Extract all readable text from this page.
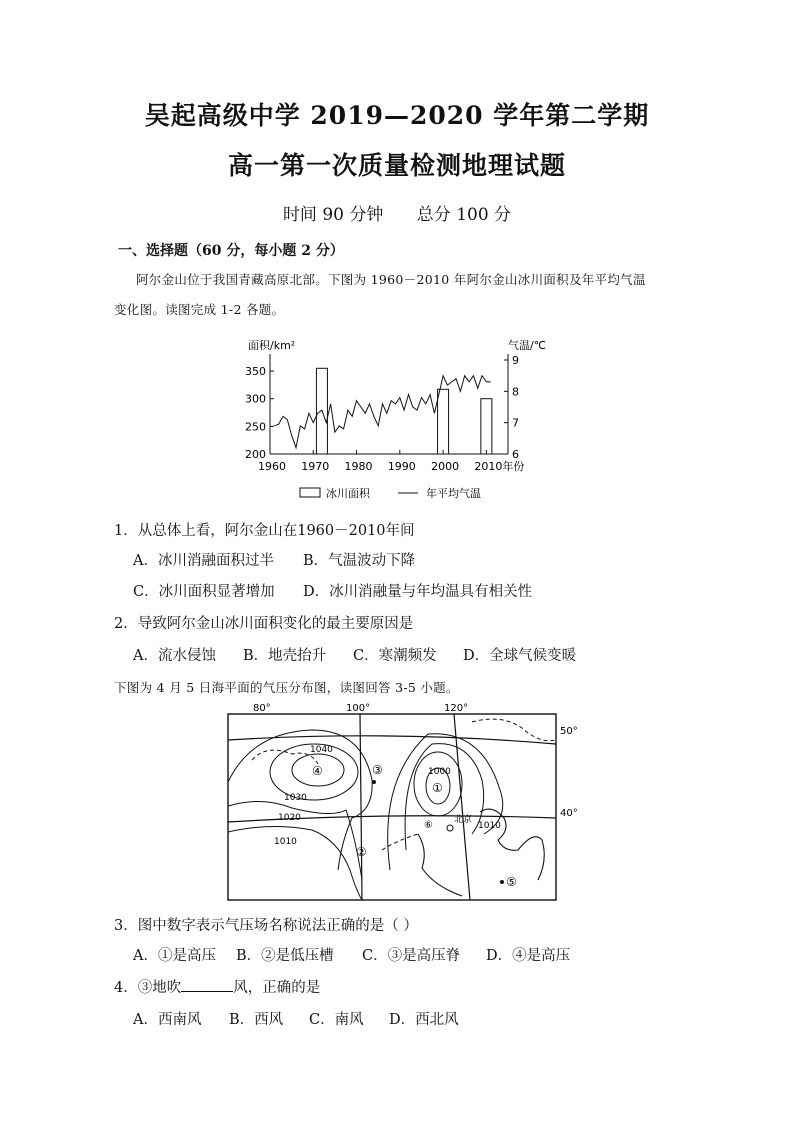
吴起高级中学 2019—2020 学年第二学期
高一第一次质量检测地理试题
时间 90 分钟 总分 100 分
一、选择题（60 分，每小题 2 分）
阿尔金山位于我国青藏高原北部。下图为 1960－2010 年阿尔金山冰川面积及年平均气温
变化图。读图完成 1-2 各题。
面积/km²	气温/℃
200
250
300
350
6
7
8
9
1960 1970 1980 1990 2000 2010年份
冰川面积	年平均气温
1．从总体上看，阿尔金山在1960－2010年间
A．冰川消融面积过半	B．气温波动下降
C．冰川面积显著增加	D．冰川消融量与年均温具有相关性
2．导致阿尔金山冰川面积变化的最主要原因是
A．流水侵蚀	B．地壳抬升	C．寒潮频发	D．全球气候变暖
下图为 4 月 5 日海平面的气压分布图，读图回答 3-5 小题。
80°	100°	120°
50°
40°
1040
1030
1020
1010
1000
1010
④	③
①
②
⑤
北京
⑥
3．图中数字表示气压场名称说法正确的是（ ）
A．①是高压	B．②是低压槽	C．③是高压脊	D．④是高压
4．③地吹	风，正确的是
A．西南风	B．西风	C．南风	D．西北风
